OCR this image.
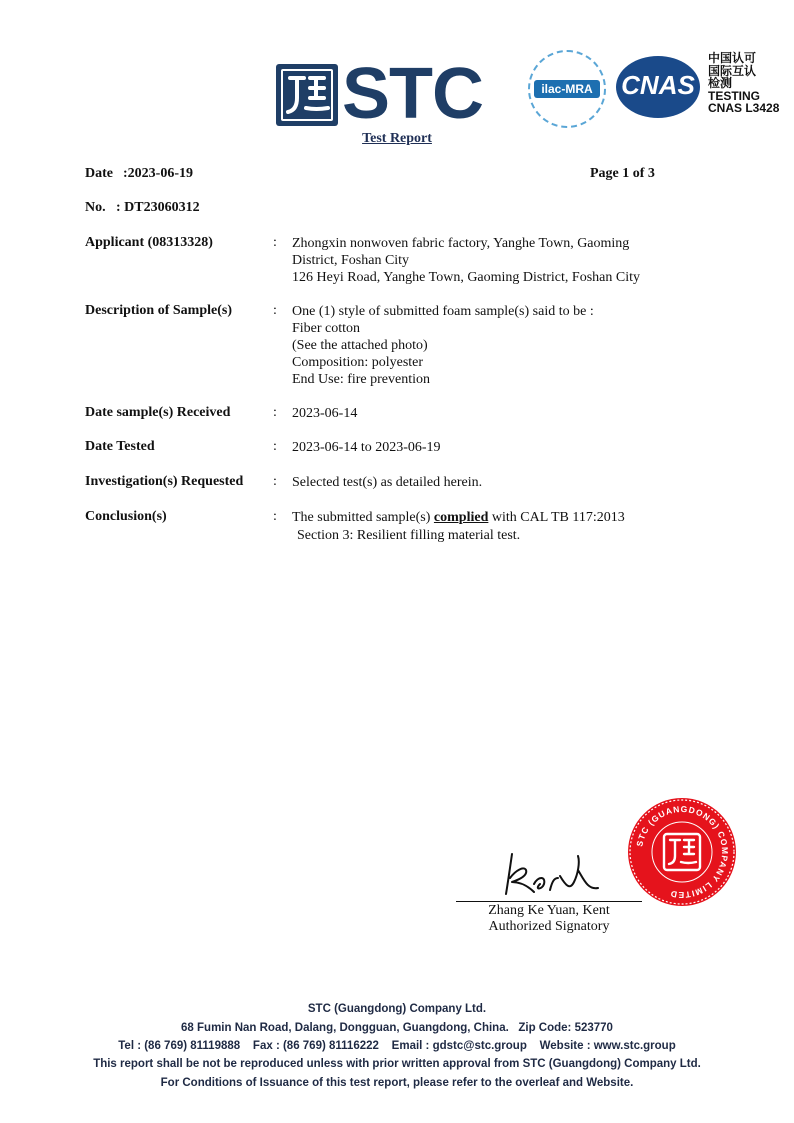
STC	ilac-MRA CNAS
中国认可
国际互认
检测
TESTING
CNAS L3428
Test Report
Date :2023-06-19	Page 1 of 3
No. : DT23060312
Applicant (08313328)	: Zhongxin nonwoven fabric factory, Yanghe Town, Gaoming
District, Foshan City
126 Heyi Road, Yanghe Town, Gaoming District, Foshan City
Description of Sample(s)	: One (1) style of submitted foam sample(s) said to be :
Fiber cotton
(See the attached photo)
Composition: polyester
End Use: fire prevention
Date sample(s) Received	: 2023-06-14
Date Tested	: 2023-06-14 to 2023-06-19
Investigation(s) Requested : Selected test(s) as detailed herein.
Conclusion(s)	: The submitted sample(s) complied with CAL TB 117:2013
Section 3: Resilient filling material test.
STC (GUANGDONG) COMPANY LIMITED
Zhang Ke Yuan, Kent
Authorized Signatory
STC (Guangdong) Company Ltd.
68 Fumin Nan Road, Dalang, Dongguan, Guangdong, China.   Zip Code: 523770
Tel : (86 769) 81119888    Fax : (86 769) 81116222    Email : gdstc@stc.group    Website : www.stc.group
This report shall be not be reproduced unless with prior written approval from STC (Guangdong) Company Ltd.
For Conditions of Issuance of this test report, please refer to the overleaf and Website.
